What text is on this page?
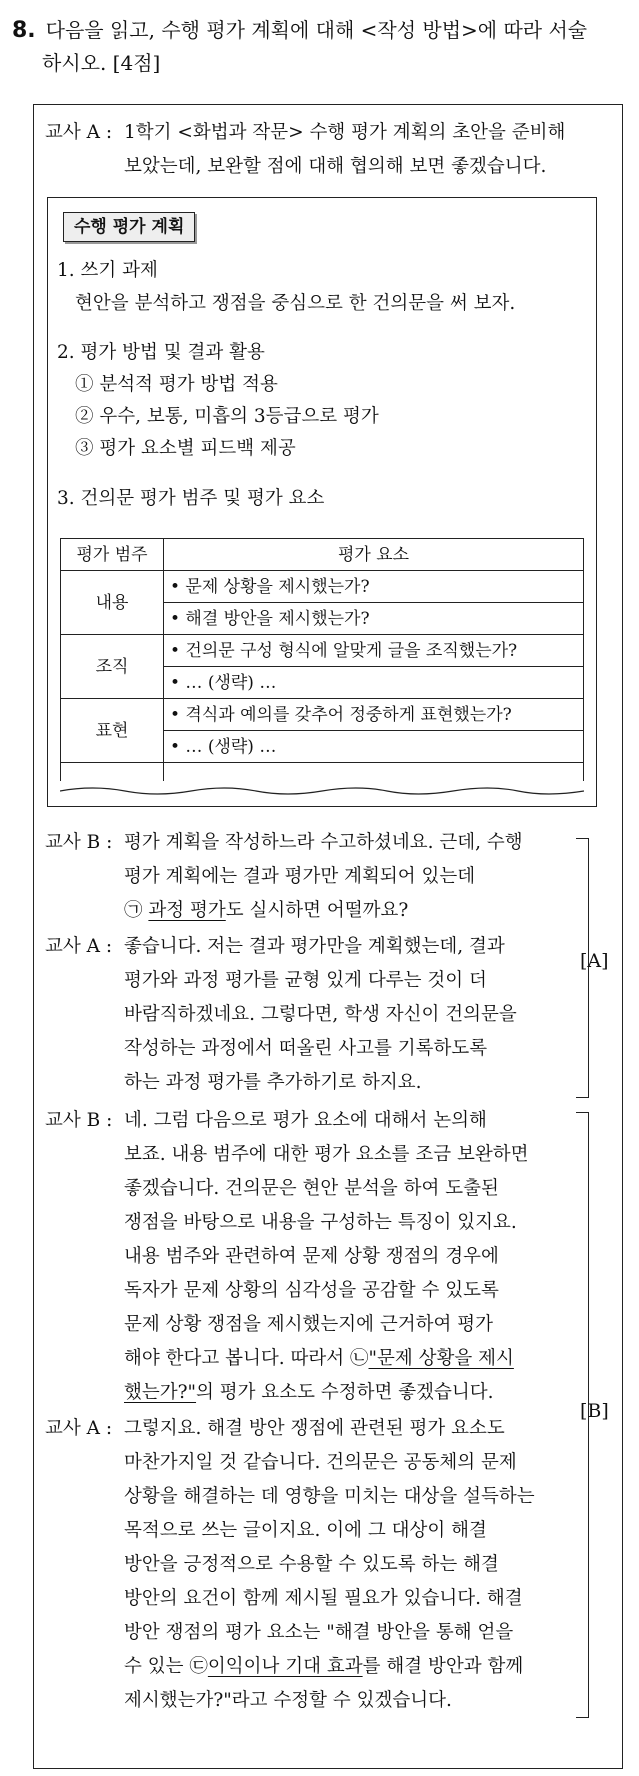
8. 다음을 읽고, 수행 평가 계획에 대해 <작성 방법>에 따라 서술
하시오. [4점]
교사 A : 1학기 <화법과 작문> 수행 평가 계획의 초안을 준비해
보았는데, 보완할 점에 대해 협의해 보면 좋겠습니다.
수행 평가 계획
1. 쓰기 과제
현안을 분석하고 쟁점을 중심으로 한 건의문을 써 보자.
2. 평가 방법 및 결과 활용
① 분석적 평가 방법 적용
② 우수, 보통, 미흡의 3등급으로 평가
③ 평가 요소별 피드백 제공
3. 건의문 평가 범주 및 평가 요소
평가 범주	평가 요소
내용	• 문제 상황을 제시했는가?
	• 해결 방안을 제시했는가?
조직	• 건의문 구성 형식에 알맞게 글을 조직했는가?
	• … (생략) …
표현	• 격식과 예의를 갖추어 정중하게 표현했는가?
	• … (생략) …

교사 B : 평가 계획을 작성하느라 수고하셨네요. 근데, 수행
평가 계획에는 결과 평가만 계획되어 있는데
㉠ 과정 평가도 실시하면 어떨까요?
교사 A : 좋습니다. 저는 결과 평가만을 계획했는데, 결과
평가와 과정 평가를 균형 있게 다루는 것이 더
바람직하겠네요. 그렇다면, 학생 자신이 건의문을
작성하는 과정에서 떠올린 사고를 기록하도록
하는 과정 평가를 추가하기로 하지요.
[A]
교사 B : 네. 그럼 다음으로 평가 요소에 대해서 논의해
보죠. 내용 범주에 대한 평가 요소를 조금 보완하면
좋겠습니다. 건의문은 현안 분석을 하여 도출된
쟁점을 바탕으로 내용을 구성하는 특징이 있지요.
내용 범주와 관련하여 문제 상황 쟁점의 경우에
독자가 문제 상황의 심각성을 공감할 수 있도록
문제 상황 쟁점을 제시했는지에 근거하여 평가
해야 한다고 봅니다. 따라서 ㉡"문제 상황을 제시
했는가?"의 평가 요소도 수정하면 좋겠습니다.
교사 A : 그렇지요. 해결 방안 쟁점에 관련된 평가 요소도
마찬가지일 것 같습니다. 건의문은 공동체의 문제
상황을 해결하는 데 영향을 미치는 대상을 설득하는
목적으로 쓰는 글이지요. 이에 그 대상이 해결
방안을 긍정적으로 수용할 수 있도록 하는 해결
방안의 요건이 함께 제시될 필요가 있습니다. 해결
방안 쟁점의 평가 요소는 "해결 방안을 통해 얻을
수 있는 ㉢이익이나 기대 효과를 해결 방안과 함께
제시했는가?"라고 수정할 수 있겠습니다.
[B]
